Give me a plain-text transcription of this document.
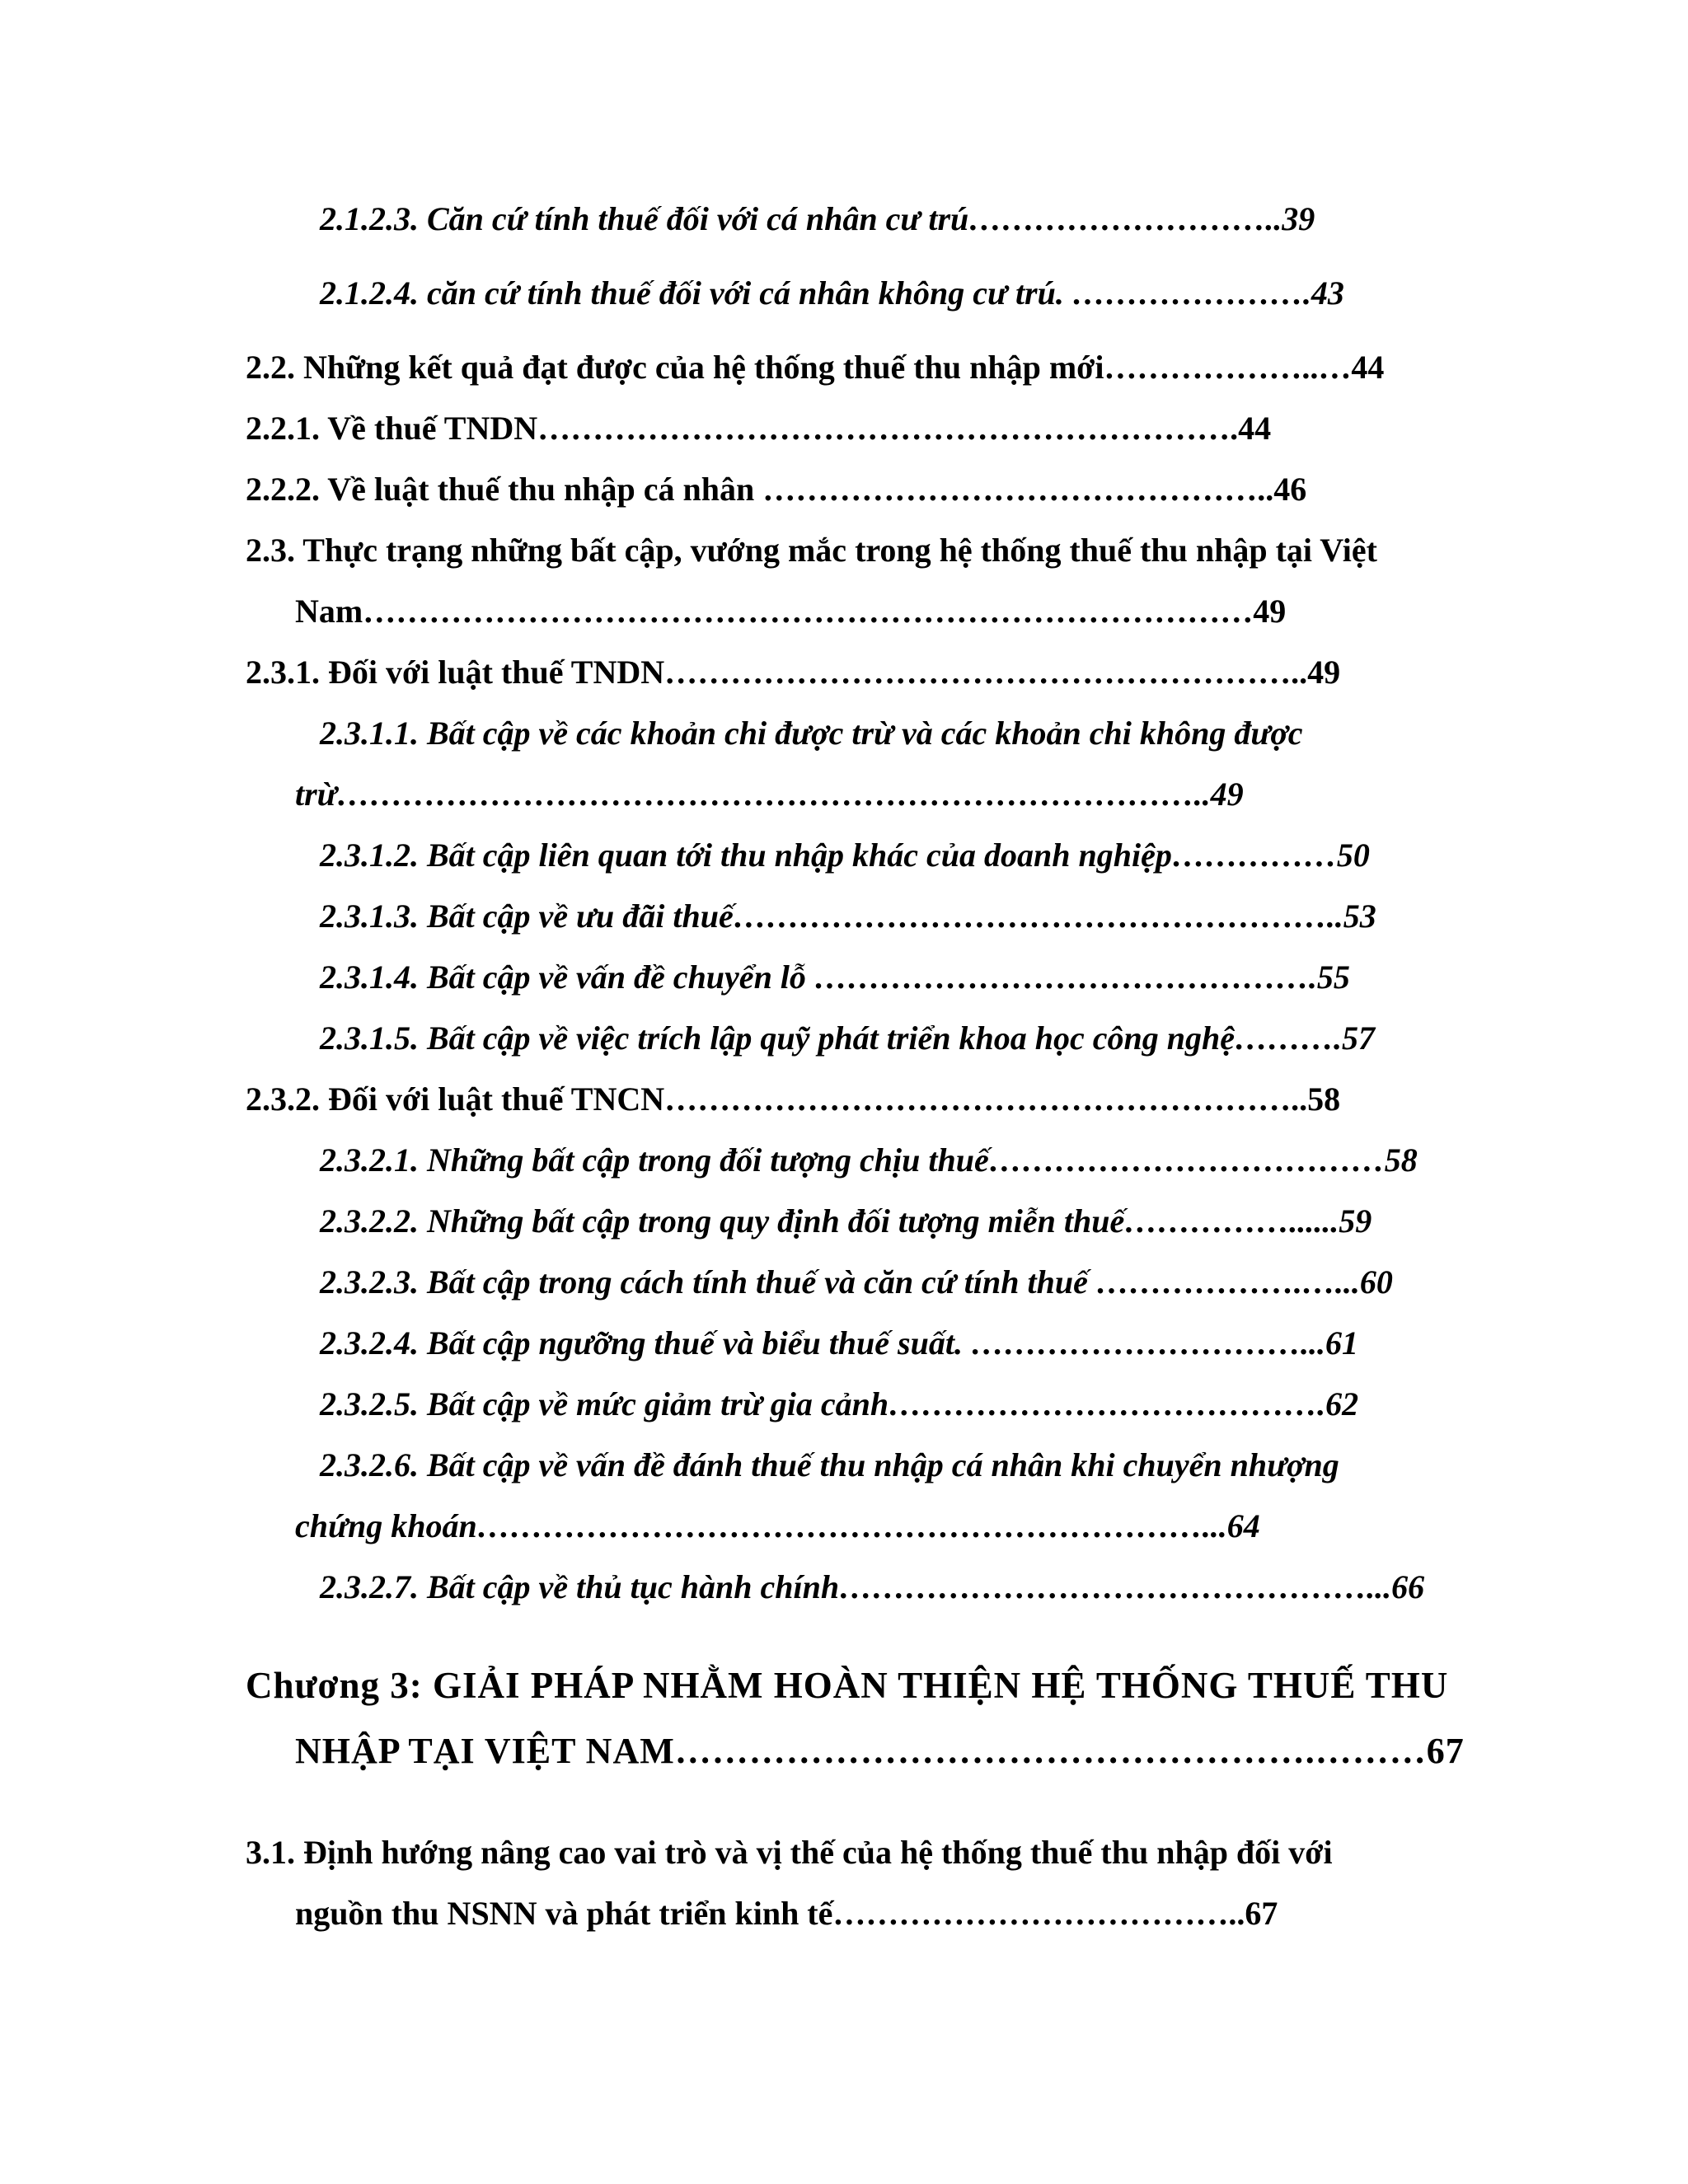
2.1.2.3. Căn cứ tính thuế đối với cá nhân cư trú………………………..39
2.1.2.4. căn cứ tính thuế đối với cá nhân không cư trú. ………………….43
2.2. Những kết quả đạt được của hệ thống thuế thu nhập mới………………..…44
2.2.1. Về thuế TNDN……………………………………………………….44
2.2.2. Về luật thuế thu nhập cá nhân ………………………………………..46
2.3. Thực trạng những bất cập, vướng mắc trong hệ thống thuế thu nhập tại Việt
Nam………………………………………………………………………49
2.3.1. Đối với luật thuế TNDN…………………………………………………..49
2.3.1.1. Bất cập về các khoản chi được trừ và các khoản chi không được
trừ……………………………………………………………………..49
2.3.1.2. Bất cập liên quan tới thu nhập khác của doanh nghiệp……………50
2.3.1.3. Bất cập về ưu đãi thuế………………………………………………..53
2.3.1.4. Bất cập về vấn đề chuyển lỗ ……………………………………….55
2.3.1.5. Bất cập về việc trích lập quỹ phát triển khoa học công nghệ……….57
2.3.2. Đối với luật thuế TNCN…………………………………………………..58
2.3.2.1. Những bất cập trong đối tượng chịu thuế………………………………58
2.3.2.2. Những bất cập trong quy định đối tượng miễn thuế……………......59
2.3.2.3. Bất cập trong cách tính thuế và căn cứ tính thuế ……………….…...60
2.3.2.4. Bất cập ngưỡng thuế và biểu thuế suất. …………………………...61
2.3.2.5. Bất cập về mức giảm trừ gia cảnh………………………………….62
2.3.2.6. Bất cập về vấn đề đánh thuế thu nhập cá nhân khi chuyển nhượng
chứng khoán…………………………………………………………...64
2.3.2.7. Bất cập về thủ tục hành chính…………………………………………...66
Chương 3: GIẢI PHÁP NHẰM HOÀN THIỆN HỆ THỐNG THUẾ THU
NHẬP TẠI VIỆT NAM…………………………………………….………67
3.1. Định hướng nâng cao vai trò và vị thế của hệ thống thuế thu nhập đối với
nguồn thu NSNN và phát triển kinh tế………………………………..67
